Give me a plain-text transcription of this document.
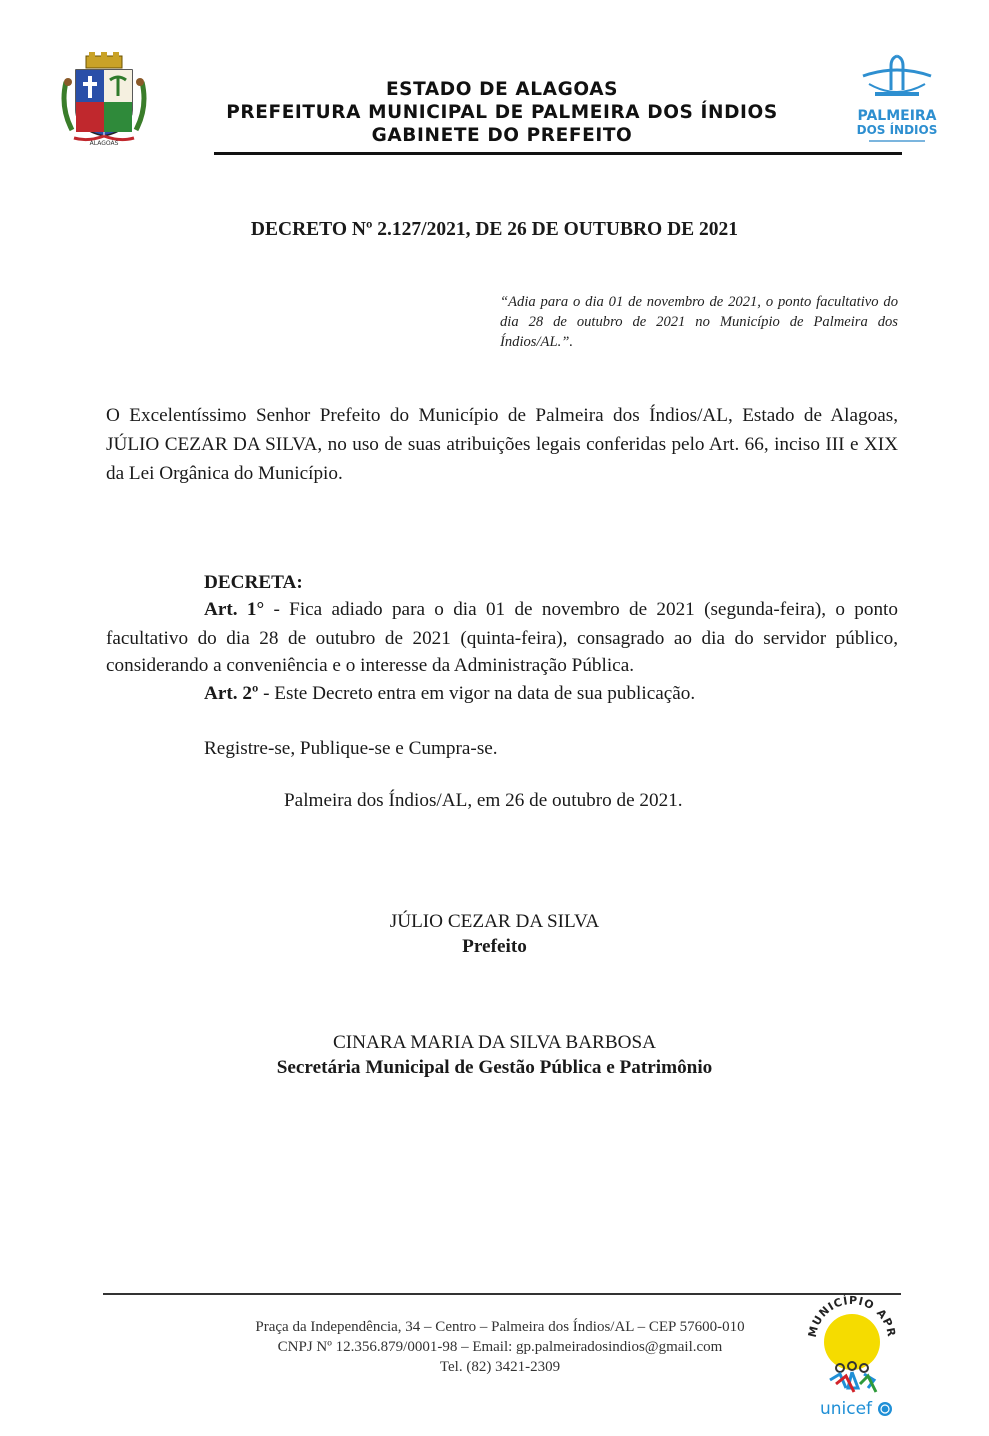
ALAGOAS
ESTADO DE ALAGOAS
PREFEITURA MUNICIPAL DE PALMEIRA DOS ÍNDIOS
GABINETE DO PREFEITO
PALMEIRA
DOS ÍNDIOS
DECRETO Nº 2.127/2021, DE 26 DE OUTUBRO DE 2021
“Adia para o dia 01 de novembro de 2021, o ponto facultativo do dia 28 de outubro de 2021 no Município de Palmeira dos Índios/AL.”.
O Excelentíssimo Senhor Prefeito do Município de Palmeira dos Índios/AL, Estado de Alagoas, JÚLIO CEZAR DA SILVA, no uso de suas atribuições legais conferidas pelo Art. 66, inciso III e XIX da Lei Orgânica do Município.
DECRETA:
Art. 1° - Fica adiado para o dia 01 de novembro de 2021 (segunda-feira), o ponto
facultativo do dia 28 de outubro de 2021 (quinta-feira), consagrado ao dia do servidor público, considerando a conveniência e o interesse da Administração Pública.
Art. 2º - Este Decreto entra em vigor na data de sua publicação.
Registre-se, Publique-se e Cumpra-se.
Palmeira dos Índios/AL, em 26 de outubro de 2021.
JÚLIO CEZAR DA SILVA
Prefeito
CINARA MARIA DA SILVA BARBOSA
Secretária Municipal de Gestão Pública e Patrimônio
Praça da Independência, 34 – Centro – Palmeira dos Índios/AL – CEP 57600-010
CNPJ Nº 12.356.879/0001-98 – Email: gp.palmeiradosindios@gmail.com
Tel. (82) 3421-2309
MUNICÍPIO APR
unicef
